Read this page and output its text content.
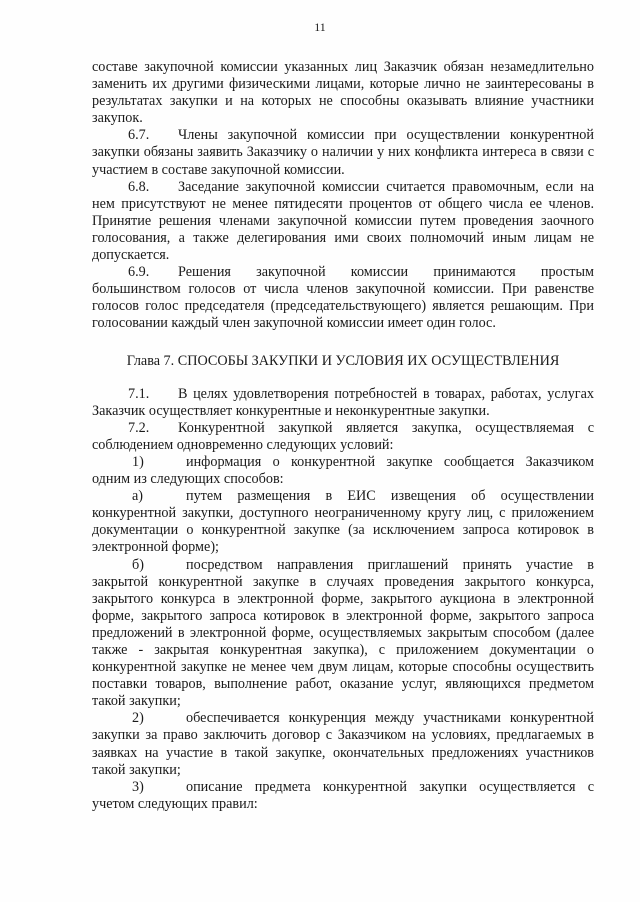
11

составе закупочной комиссии указанных лиц Заказчик обязан незамедлительно заменить их другими физическими лицами, которые лично не заинтересованы в результатах закупки и на которых не способны оказывать влияние участники закупок.

6.7. Члены закупочной комиссии при осуществлении конкурентной закупки обязаны заявить Заказчику о наличии у них конфликта интереса в связи с участием в составе закупочной комиссии.

6.8. Заседание закупочной комиссии считается правомочным, если на нем присутствуют не менее пятидесяти процентов от общего числа ее членов. Принятие решения членами закупочной комиссии путем проведения заочного голосования, а также делегирования ими своих полномочий иным лицам не допускается.

6.9. Решения закупочной комиссии принимаются простым большинством голосов от числа членов закупочной комиссии. При равенстве голосов голос председателя (председательствующего) является решающим. При голосовании каждый член закупочной комиссии имеет один голос.

Глава 7. СПОСОБЫ ЗАКУПКИ И УСЛОВИЯ ИХ ОСУЩЕСТВЛЕНИЯ

7.1. В целях удовлетворения потребностей в товарах, работах, услугах Заказчик осуществляет конкурентные и неконкурентные закупки.

7.2. Конкурентной закупкой является закупка, осуществляемая с соблюдением одновременно следующих условий:

1)	информация о конкурентной закупке сообщается Заказчиком одним из следующих способов:

а)	путем размещения в ЕИС извещения об осуществлении конкурентной закупки, доступного неограниченному кругу лиц, с приложением документации о конкурентной закупке (за исключением запроса котировок в электронной форме);

б)	посредством направления приглашений принять участие в закрытой конкурентной закупке в случаях проведения закрытого конкурса, закрытого конкурса в электронной форме, закрытого аукциона в электронной форме, закрытого запроса котировок в электронной форме, закрытого запроса предложений в электронной форме, осуществляемых закрытым способом (далее также - закрытая конкурентная закупка), с приложением документации о конкурентной закупке не менее чем двум лицам, которые способны осуществить поставки товаров, выполнение работ, оказание услуг, являющихся предметом такой закупки;

2)	обеспечивается конкуренция между участниками конкурентной закупки за право заключить договор с Заказчиком на условиях, предлагаемых в заявках на участие в такой закупке, окончательных предложениях участников такой закупки;

3)	описание предмета конкурентной закупки осуществляется с учетом следующих правил:
